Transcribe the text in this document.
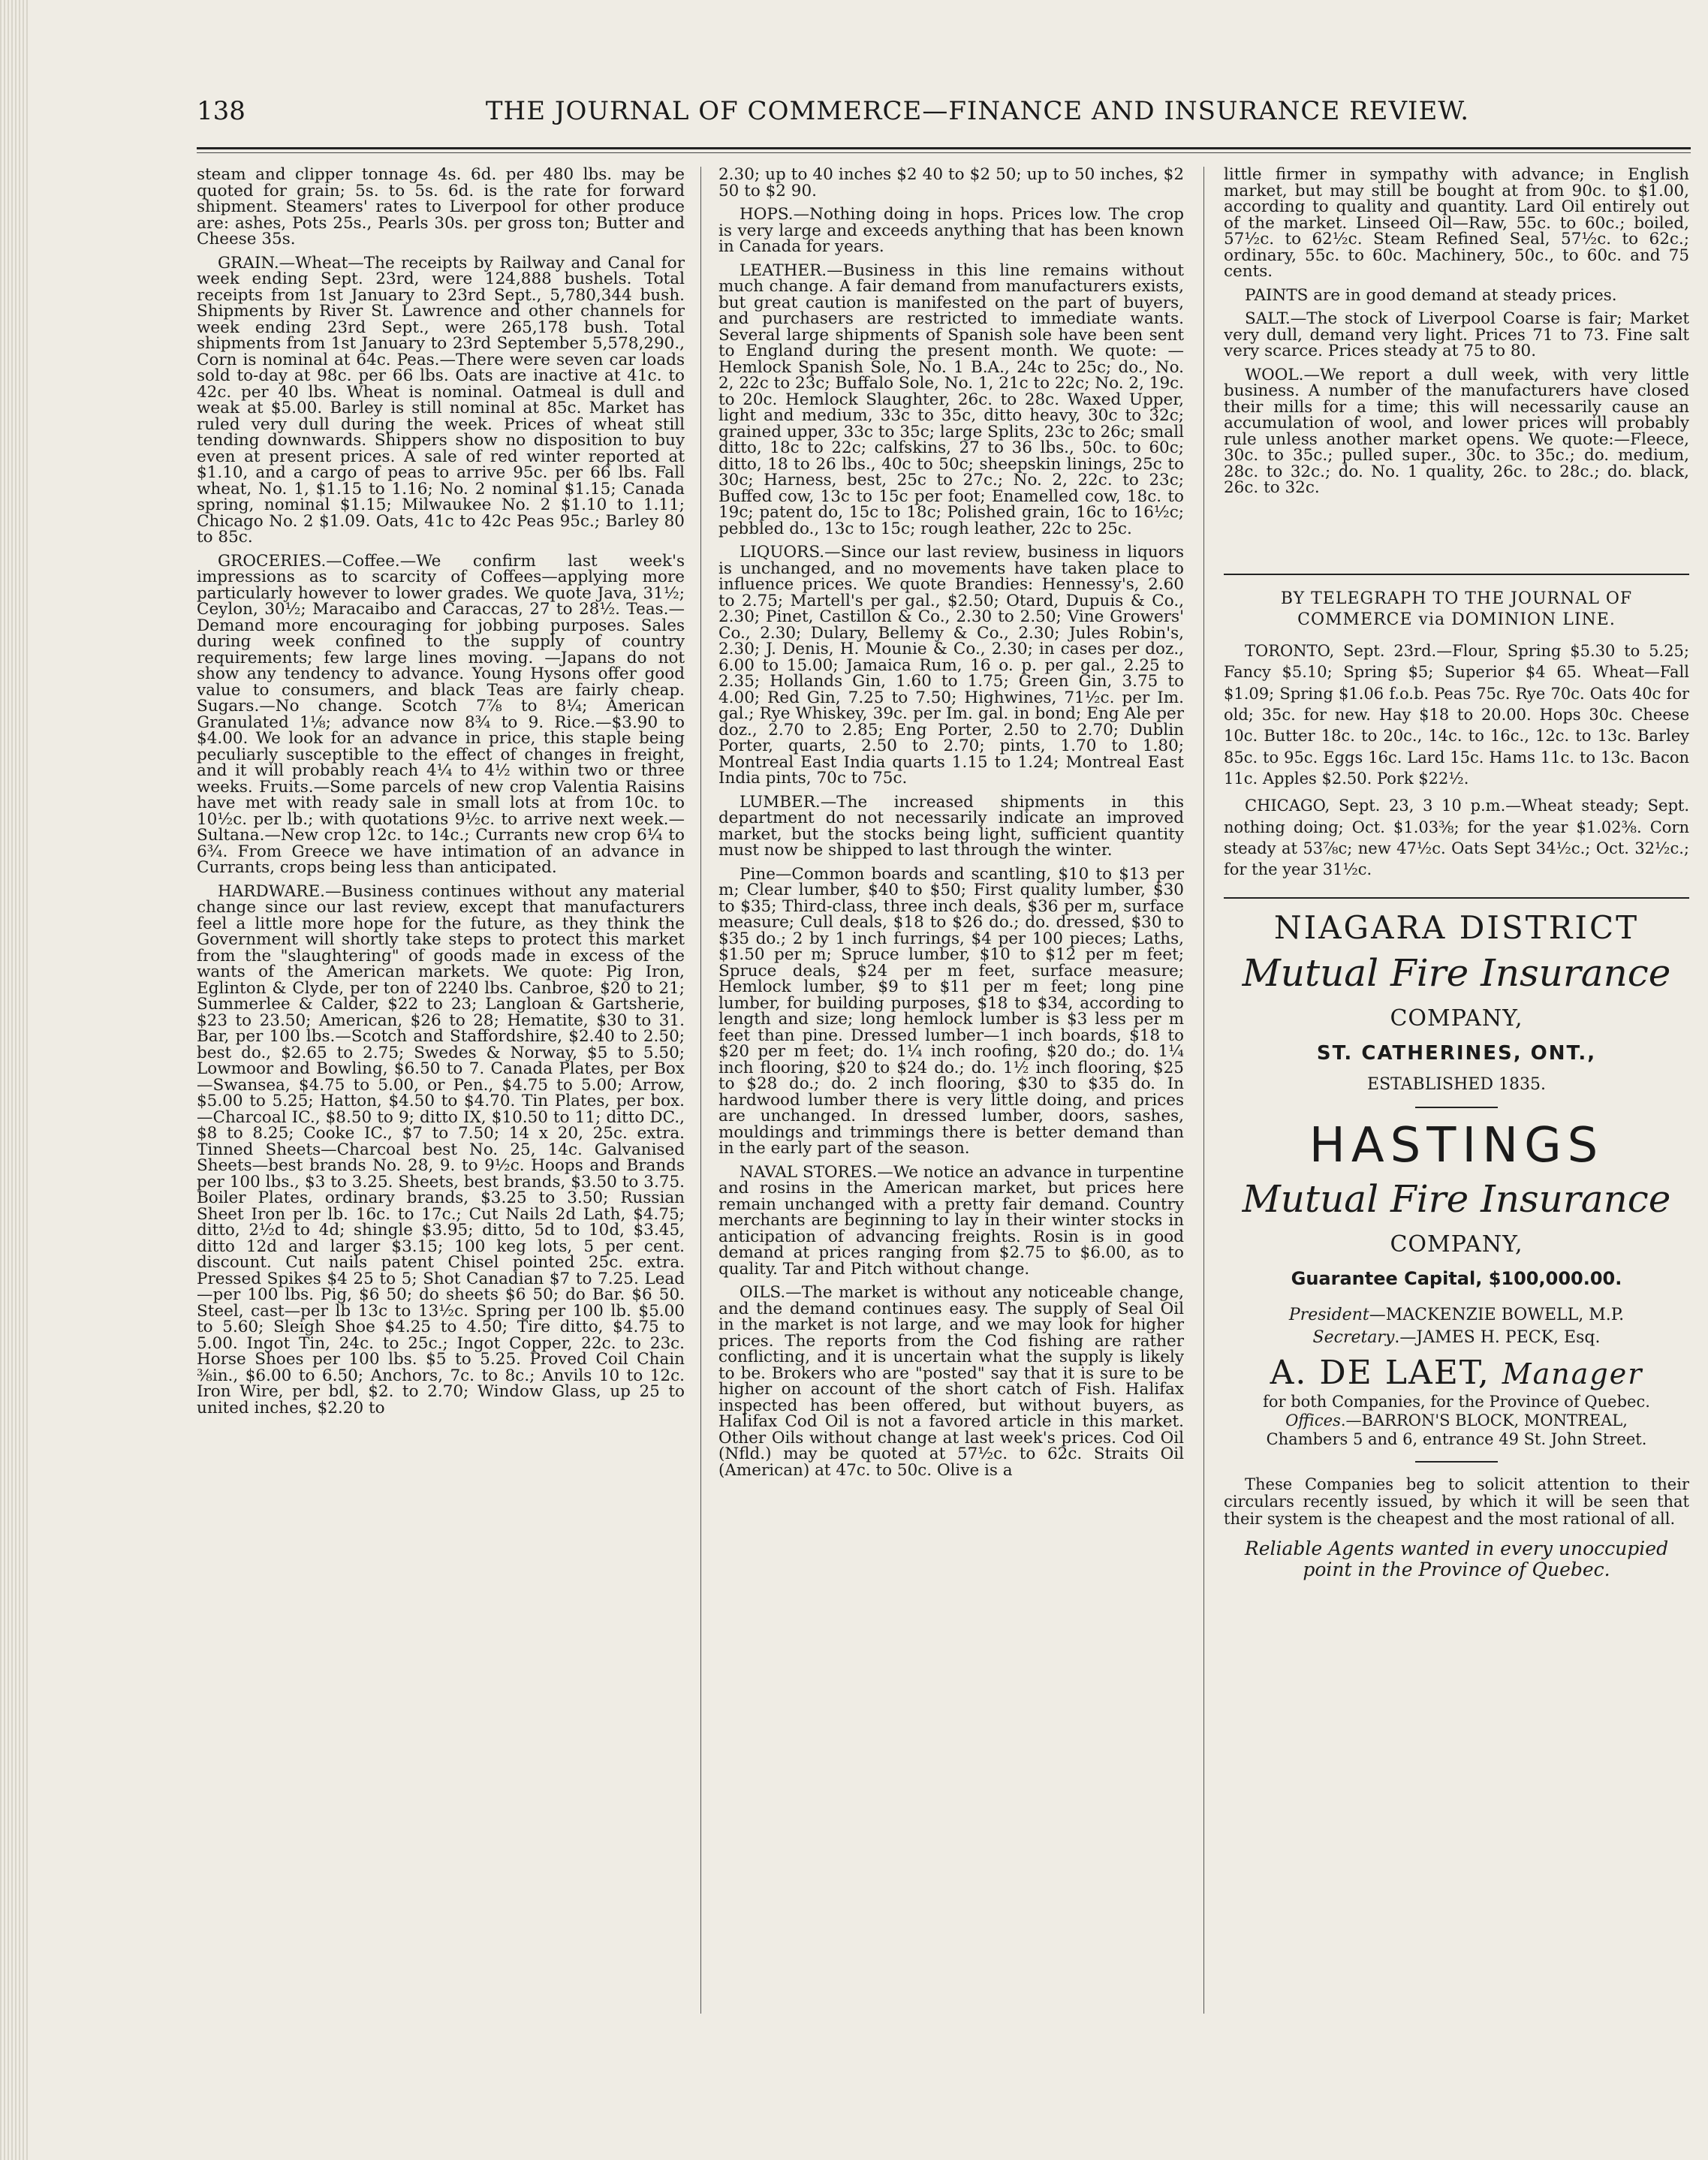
138	THE JOURNAL OF COMMERCE—FINANCE AND INSURANCE REVIEW.

steam and clipper tonnage 4s. 6d. per 480 lbs. may be quoted for grain; 5s. to 5s. 6d. is the rate for forward shipment. Steamers' rates to Liverpool for other produce are: ashes, Pots 25s., Pearls 30s. per gross ton; Butter and Cheese 35s.

GRAIN.—Wheat—The receipts by Railway and Canal for week ending Sept. 23rd, were 124,888 bushels. Total receipts from 1st January to 23rd Sept., 5,780,344 bush. Shipments by River St. Lawrence and other channels for week ending 23rd Sept., were 265,178 bush. Total shipments from 1st January to 23rd September 5,578,290., Corn is nominal at 64c. Peas.—There were seven car loads sold to-day at 98c. per 66 lbs. Oats are inactive at 41c. to 42c. per 40 lbs. Wheat is nominal. Oatmeal is dull and weak at $5.00. Barley is still nominal at 85c. Market has ruled very dull during the week. Prices of wheat still tending downwards. Shippers show no disposition to buy even at present prices. A sale of red winter reported at $1.10, and a cargo of peas to arrive 95c. per 66 lbs. Fall wheat, No. 1, $1.15 to 1.16; No. 2 nominal $1.15; Canada spring, nominal $1.15; Milwaukee No. 2 $1.10 to 1.11; Chicago No. 2 $1.09. Oats, 41c to 42c Peas 95c.; Barley 80 to 85c.

GROCERIES.—Coffee.—We confirm last week's impressions as to scarcity of Coffees—applying more particularly however to lower grades. We quote Java, 31½; Ceylon, 30½; Maracaibo and Caraccas, 27 to 28½. Teas.—Demand more encouraging for jobbing purposes. Sales during week confined to the supply of country requirements; few large lines moving. —Japans do not show any tendency to advance. Young Hysons offer good value to consumers, and black Teas are fairly cheap. Sugars.—No change. Scotch 7⅞ to 8¼; American Granulated 1⅛; advance now 8¾ to 9. Rice.—$3.90 to $4.00. We look for an advance in price, this staple being peculiarly susceptible to the effect of changes in freight, and it will probably reach 4¼ to 4½ within two or three weeks. Fruits.—Some parcels of new crop Valentia Raisins have met with ready sale in small lots at from 10c. to 10½c. per lb.; with quotations 9½c. to arrive next week.—Sultana.—New crop 12c. to 14c.; Currants new crop 6¼ to 6¾. From Greece we have intimation of an advance in Currants, crops being less than anticipated.

HARDWARE.—Business continues without any material change since our last review, except that manufacturers feel a little more hope for the future, as they think the Government will shortly take steps to protect this market from the "slaughtering" of goods made in excess of the wants of the American markets. We quote: Pig Iron, Eglinton & Clyde, per ton of 2240 lbs. Canbroe, $20 to 21; Summerlee & Calder, $22 to 23; Langloan & Gartsherie, $23 to 23.50; American, $26 to 28; Hematite, $30 to 31. Bar, per 100 lbs.—Scotch and Staffordshire, $2.40 to 2.50; best do., $2.65 to 2.75; Swedes & Norway, $5 to 5.50; Lowmoor and Bowling, $6.50 to 7. Canada Plates, per Box—Swansea, $4.75 to 5.00, or Pen., $4.75 to 5.00; Arrow, $5.00 to 5.25; Hatton, $4.50 to $4.70. Tin Plates, per box.—Charcoal IC., $8.50 to 9; ditto IX, $10.50 to 11; ditto DC., $8 to 8.25; Cooke IC., $7 to 7.50; 14 x 20, 25c. extra. Tinned Sheets—Charcoal best No. 25, 14c. Galvanised Sheets—best brands No. 28, 9. to 9½c. Hoops and Brands per 100 lbs., $3 to 3.25. Sheets, best brands, $3.50 to 3.75. Boiler Plates, ordinary brands, $3.25 to 3.50; Russian Sheet Iron per lb. 16c. to 17c.; Cut Nails 2d Lath, $4.75; ditto, 2½d to 4d; shingle $3.95; ditto, 5d to 10d, $3.45, ditto 12d and larger $3.15; 100 keg lots, 5 per cent. discount. Cut nails patent Chisel pointed 25c. extra. Pressed Spikes $4 25 to 5; Shot Canadian $7 to 7.25. Lead—per 100 lbs. Pig, $6 50; do sheets $6 50; do Bar. $6 50. Steel, cast—per lb 13c to 13½c. Spring per 100 lb. $5.00 to 5.60; Sleigh Shoe $4.25 to 4.50; Tire ditto, $4.75 to 5.00. Ingot Tin, 24c. to 25c.; Ingot Copper, 22c. to 23c. Horse Shoes per 100 lbs. $5 to 5.25. Proved Coil Chain ⅜in., $6.00 to 6.50; Anchors, 7c. to 8c.; Anvils 10 to 12c. Iron Wire, per bdl, $2. to 2.70; Window Glass, up 25 to united inches, $2.20 to

2.30; up to 40 inches $2 40 to $2 50; up to 50 inches, $2 50 to $2 90.

HOPS.—Nothing doing in hops. Prices low. The crop is very large and exceeds anything that has been known in Canada for years.

LEATHER.—Business in this line remains without much change. A fair demand from manufacturers exists, but great caution is manifested on the part of buyers, and purchasers are restricted to immediate wants. Several large shipments of Spanish sole have been sent to England during the present month. We quote: —Hemlock Spanish Sole, No. 1 B.A., 24c to 25c; do., No. 2, 22c to 23c; Buffalo Sole, No. 1, 21c to 22c; No. 2, 19c. to 20c. Hemlock Slaughter, 26c. to 28c. Waxed Upper, light and medium, 33c to 35c, ditto heavy, 30c to 32c; grained upper, 33c to 35c; large Splits, 23c to 26c; small ditto, 18c to 22c; calfskins, 27 to 36 lbs., 50c. to 60c; ditto, 18 to 26 lbs., 40c to 50c; sheepskin linings, 25c to 30c; Harness, best, 25c to 27c.; No. 2, 22c. to 23c; Buffed cow, 13c to 15c per foot; Enamelled cow, 18c. to 19c; patent do, 15c to 18c; Polished grain, 16c to 16½c; pebbled do., 13c to 15c; rough leather, 22c to 25c.

LIQUORS.—Since our last review, business in liquors is unchanged, and no movements have taken place to influence prices. We quote Brandies: Hennessy's, 2.60 to 2.75; Martell's per gal., $2.50; Otard, Dupuis & Co., 2.30; Pinet, Castillon & Co., 2.30 to 2.50; Vine Growers' Co., 2.30; Dulary, Bellemy & Co., 2.30; Jules Robin's, 2.30; J. Denis, H. Mounie & Co., 2.30; in cases per doz., 6.00 to 15.00; Jamaica Rum, 16 o. p. per gal., 2.25 to 2.35; Hollands Gin, 1.60 to 1.75; Green Gin, 3.75 to 4.00; Red Gin, 7.25 to 7.50; Highwines, 71½c. per Im. gal.; Rye Whiskey, 39c. per Im. gal. in bond; Eng Ale per doz., 2.70 to 2.85; Eng Porter, 2.50 to 2.70; Dublin Porter, quarts, 2.50 to 2.70; pints, 1.70 to 1.80; Montreal East India quarts 1.15 to 1.24; Montreal East India pints, 70c to 75c.

LUMBER.—The increased shipments in this department do not necessarily indicate an improved market, but the stocks being light, sufficient quantity must now be shipped to last through the winter.

Pine—Common boards and scantling, $10 to $13 per m; Clear lumber, $40 to $50; First quality lumber, $30 to $35; Third-class, three inch deals, $36 per m, surface measure; Cull deals, $18 to $26 do.; do. dressed, $30 to $35 do.; 2 by 1 inch furrings, $4 per 100 pieces; Laths, $1.50 per m; Spruce lumber, $10 to $12 per m feet; Spruce deals, $24 per m feet, surface measure; Hemlock lumber, $9 to $11 per m feet; long pine lumber, for building purposes, $18 to $34, according to length and size; long hemlock lumber is $3 less per m feet than pine. Dressed lumber—1 inch boards, $18 to $20 per m feet; do. 1¼ inch roofing, $20 do.; do. 1¼ inch flooring, $20 to $24 do.; do. 1½ inch flooring, $25 to $28 do.; do. 2 inch flooring, $30 to $35 do. In hardwood lumber there is very little doing, and prices are unchanged. In dressed lumber, doors, sashes, mouldings and trimmings there is better demand than in the early part of the season.

NAVAL STORES.—We notice an advance in turpentine and rosins in the American market, but prices here remain unchanged with a pretty fair demand. Country merchants are beginning to lay in their winter stocks in anticipation of advancing freights. Rosin is in good demand at prices ranging from $2.75 to $6.00, as to quality. Tar and Pitch without change.

OILS.—The market is without any noticeable change, and the demand continues easy. The supply of Seal Oil in the market is not large, and we may look for higher prices. The reports from the Cod fishing are rather conflicting, and it is uncertain what the supply is likely to be. Brokers who are "posted" say that it is sure to be higher on account of the short catch of Fish. Halifax inspected has been offered, but without buyers, as Halifax Cod Oil is not a favored article in this market. Other Oils without change at last week's prices. Cod Oil (Nfld.) may be quoted at 57½c. to 62c. Straits Oil (American) at 47c. to 50c. Olive is a

little firmer in sympathy with advance; in English market, but may still be bought at from 90c. to $1.00, according to quality and quantity. Lard Oil entirely out of the market. Linseed Oil—Raw, 55c. to 60c.; boiled, 57½c. to 62½c. Steam Refined Seal, 57½c. to 62c.; ordinary, 55c. to 60c. Machinery, 50c., to 60c. and 75 cents.

PAINTS are in good demand at steady prices.

SALT.—The stock of Liverpool Coarse is fair; Market very dull, demand very light. Prices 71 to 73. Fine salt very scarce. Prices steady at 75 to 80.

WOOL.—We report a dull week, with very little business. A number of the manufacturers have closed their mills for a time; this will necessarily cause an accumulation of wool, and lower prices will probably rule unless another market opens. We quote:—Fleece, 30c. to 35c.; pulled super., 30c. to 35c.; do. medium, 28c. to 32c.; do. No. 1 quality, 26c. to 28c.; do. black, 26c. to 32c.

BY TELEGRAPH TO THE JOURNAL OF COMMERCE via DOMINION LINE.

TORONTO, Sept. 23rd.—Flour, Spring $5.30 to 5.25; Fancy $5.10; Spring $5; Superior $4 65. Wheat—Fall $1.09; Spring $1.06 f.o.b. Peas 75c. Rye 70c. Oats 40c for old; 35c. for new. Hay $18 to 20.00. Hops 30c. Cheese 10c. Butter 18c. to 20c., 14c. to 16c., 12c. to 13c. Barley 85c. to 95c. Eggs 16c. Lard 15c. Hams 11c. to 13c. Bacon 11c. Apples $2.50. Pork $22½.

CHICAGO, Sept. 23, 3 10 p.m.—Wheat steady; Sept. nothing doing; Oct. $1.03⅜; for the year $1.02⅜. Corn steady at 53⅞c; new 47½c. Oats Sept 34½c.; Oct. 32½c.; for the year 31½c.

NIAGARA DISTRICT
Mutual Fire Insurance
COMPANY,
ST. CATHERINES, ONT.,
ESTABLISHED 1835.
HASTINGS
Mutual Fire Insurance
COMPANY,
Guarantee Capital, $100,000.00.
President—MACKENZIE BOWELL, M.P.
Secretary.—JAMES H. PECK, Esq.
A. DE LAET, Manager
for both Companies, for the Province of Quebec.
Offices.—BARRON'S BLOCK, MONTREAL,
Chambers 5 and 6, entrance 49 St. John Street.
These Companies beg to solicit attention to their circulars recently issued, by which it will be seen that their system is the cheapest and the most rational of all.
Reliable Agents wanted in every unoccupied point in the Province of Quebec.
